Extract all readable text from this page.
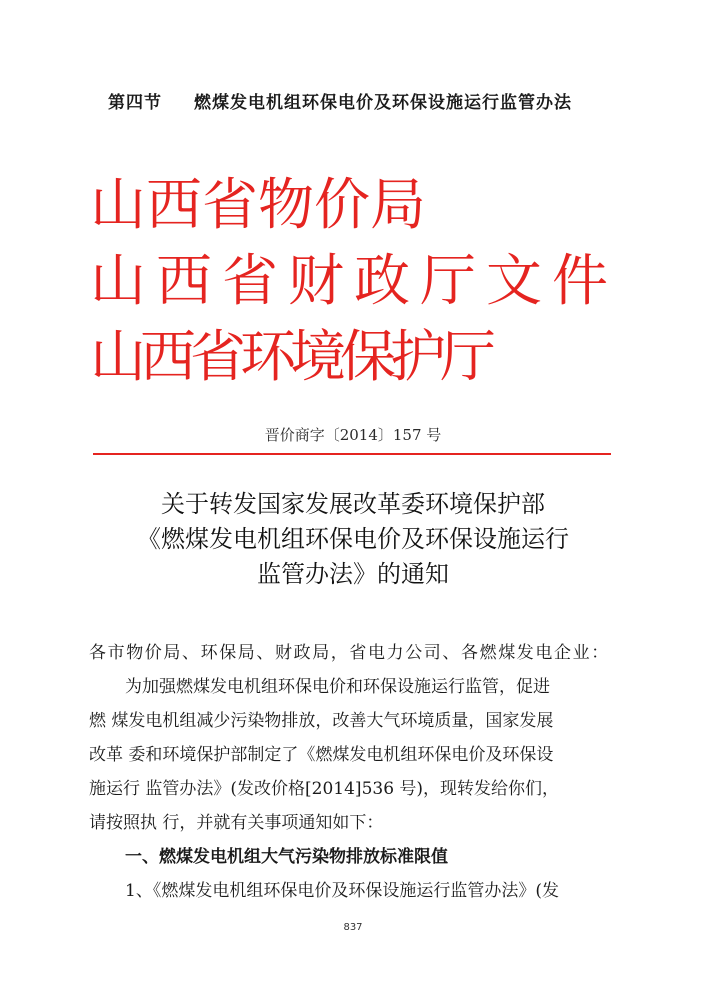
第四节 燃煤发电机组环保电价及环保设施运行监管办法
山西省物价局
山西省财政厅文件
山西省环境保护厅
晋价商字〔2014〕157 号
关于转发国家发展改革委环境保护部
《燃煤发电机组环保电价及环保设施运行
监管办法》的通知
各市物价局、环保局、财政局，省电力公司、各燃煤发电企业：
为加强燃煤发电机组环保电价和环保设施运行监管，促进
燃 煤发电机组减少污染物排放，改善大气环境质量，国家发展
改革 委和环境保护部制定了《燃煤发电机组环保电价及环保设
施运行 监管办法》(发改价格[2014]536 号)，现转发给你们，
请按照执 行，并就有关事项通知如下：
一、燃煤发电机组大气污染物排放标准限值
1、《燃煤发电机组环保电价及环保设施运行监管办法》(发
837
